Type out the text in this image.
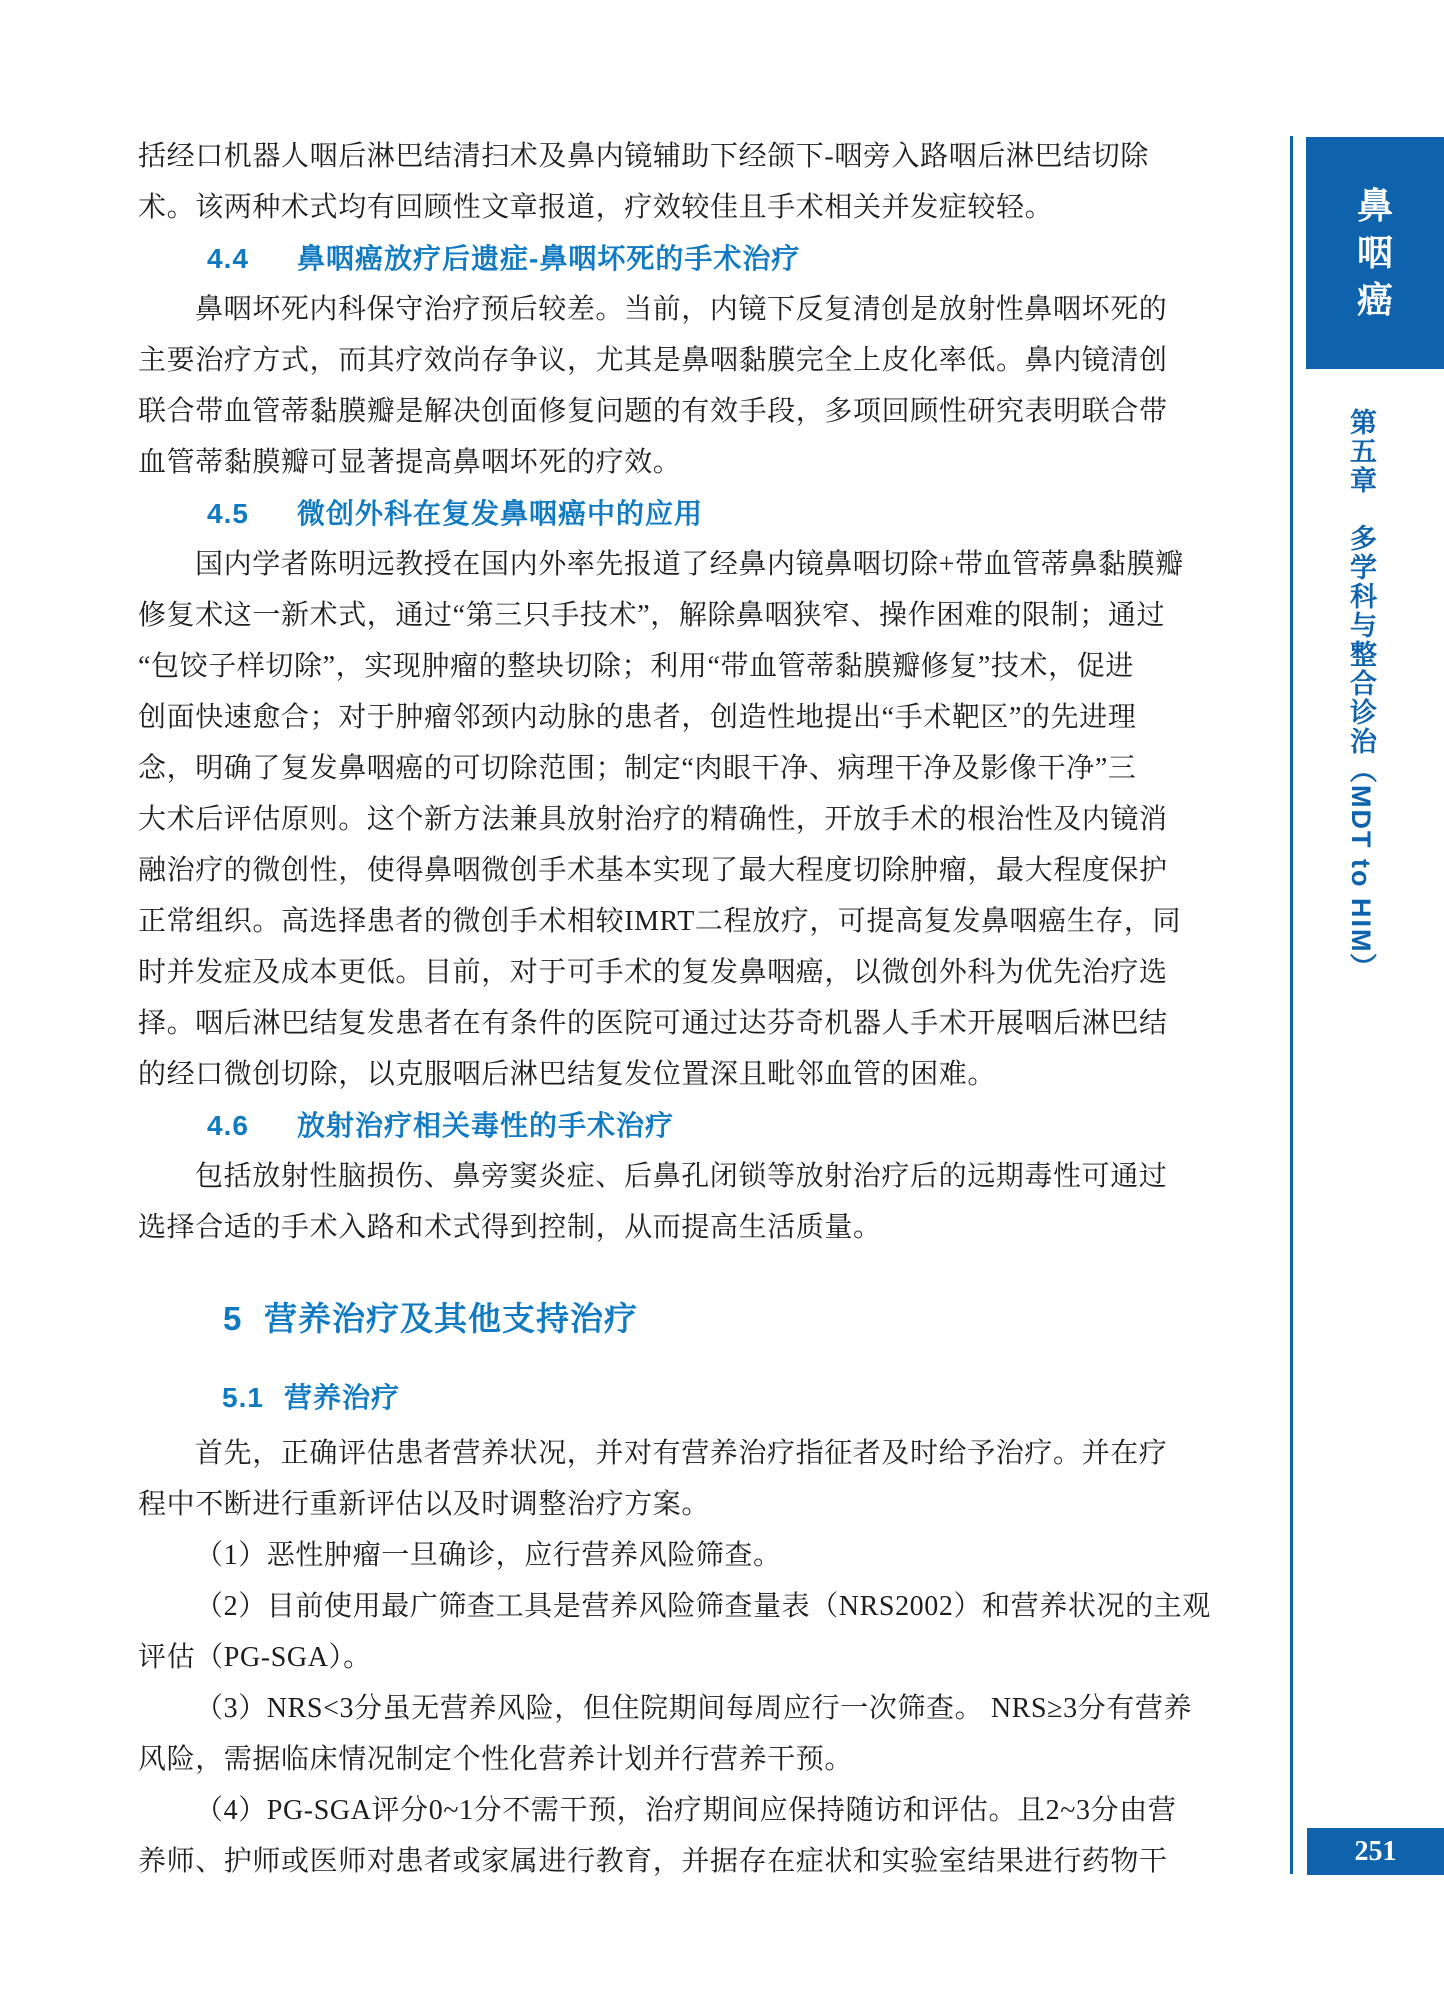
括经口机器人咽后淋巴结清扫术及鼻内镜辅助下经颌下-咽旁入路咽后淋巴结切除
术。该两种术式均有回顾性文章报道，疗效较佳且手术相关并发症较轻。
4.4 鼻咽癌放疗后遗症-鼻咽坏死的手术治疗
鼻咽坏死内科保守治疗预后较差。当前，内镜下反复清创是放射性鼻咽坏死的
主要治疗方式，而其疗效尚存争议，尤其是鼻咽黏膜完全上皮化率低。鼻内镜清创
联合带血管蒂黏膜瓣是解决创面修复问题的有效手段，多项回顾性研究表明联合带
血管蒂黏膜瓣可显著提高鼻咽坏死的疗效。
4.5 微创外科在复发鼻咽癌中的应用
国内学者陈明远教授在国内外率先报道了经鼻内镜鼻咽切除+带血管蒂鼻黏膜瓣
修复术这一新术式，通过“第三只手技术”，解除鼻咽狭窄、操作困难的限制；通过
“包饺子样切除”，实现肿瘤的整块切除；利用“带血管蒂黏膜瓣修复”技术，促进
创面快速愈合；对于肿瘤邻颈内动脉的患者，创造性地提出“手术靶区”的先进理
念，明确了复发鼻咽癌的可切除范围；制定“肉眼干净、病理干净及影像干净”三
大术后评估原则。这个新方法兼具放射治疗的精确性，开放手术的根治性及内镜消
融治疗的微创性，使得鼻咽微创手术基本实现了最大程度切除肿瘤，最大程度保护
正常组织。高选择患者的微创手术相较IMRT二程放疗，可提高复发鼻咽癌生存，同
时并发症及成本更低。目前，对于可手术的复发鼻咽癌，以微创外科为优先治疗选
择。咽后淋巴结复发患者在有条件的医院可通过达芬奇机器人手术开展咽后淋巴结
的经口微创切除，以克服咽后淋巴结复发位置深且毗邻血管的困难。
4.6 放射治疗相关毒性的手术治疗
包括放射性脑损伤、鼻旁窦炎症、后鼻孔闭锁等放射治疗后的远期毒性可通过
选择合适的手术入路和术式得到控制，从而提高生活质量。
5 营养治疗及其他支持治疗
5.1 营养治疗
首先，正确评估患者营养状况，并对有营养治疗指征者及时给予治疗。并在疗
程中不断进行重新评估以及时调整治疗方案。
（1）恶性肿瘤一旦确诊，应行营养风险筛查。
（2）目前使用最广筛查工具是营养风险筛查量表（NRS2002）和营养状况的主观
评估（PG-SGA）。
（3）NRS<3分虽无营养风险，但住院期间每周应行一次筛查。 NRS≥3分有营养
风险，需据临床情况制定个性化营养计划并行营养干预。
（4）PG-SGA评分0~1分不需干预，治疗期间应保持随访和评估。且2~3分由营
养师、护师或医师对患者或家属进行教育，并据存在症状和实验室结果进行药物干
鼻
咽
癌
第五章　多学科与整合诊治（MDT to HIM）
251
